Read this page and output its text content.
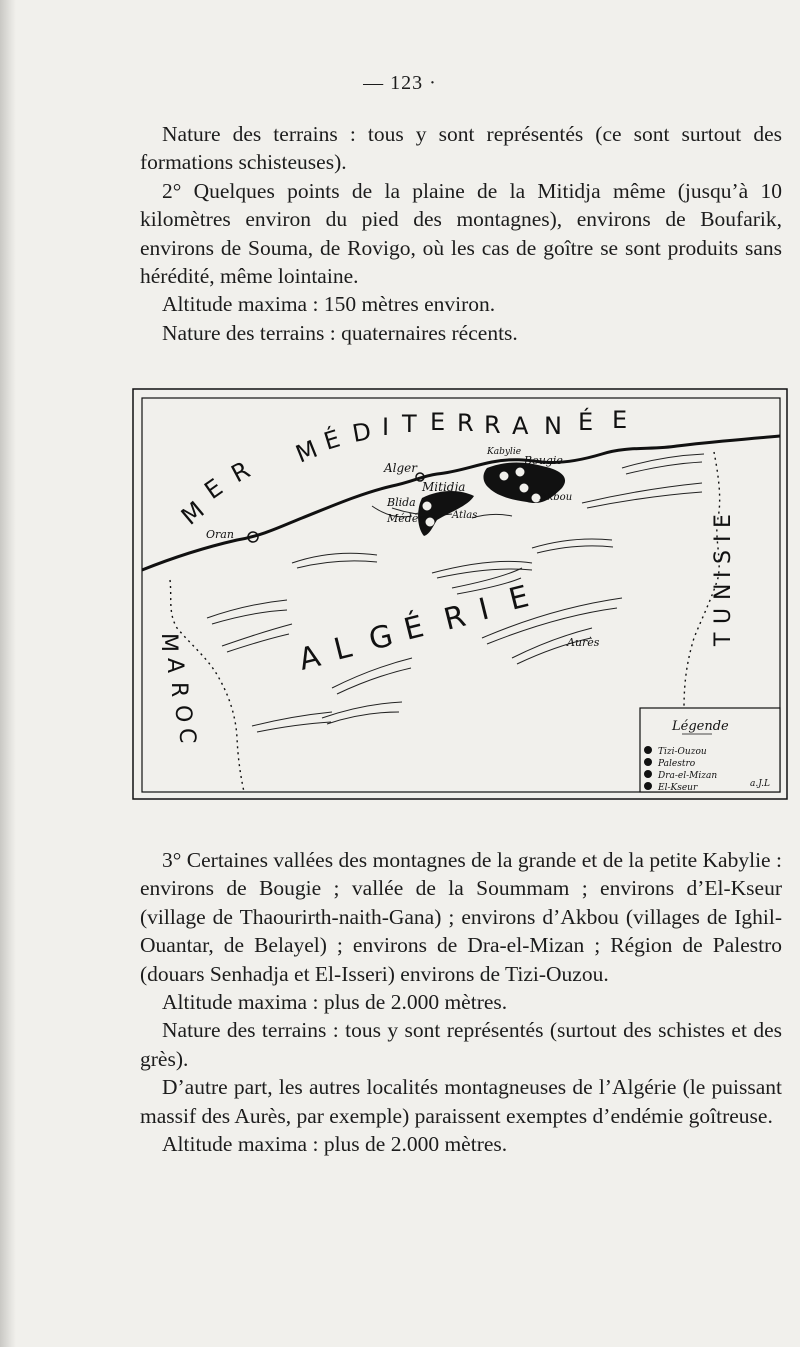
— 123 ·

Nature des terrains : tous y sont représentés (ce sont surtout des formations schisteuses).

2° Quelques points de la plaine de la Mitidja même (jusqu’à 10 kilomètres environ du pied des montagnes), environs de Boufarik, environs de Souma, de Rovigo, où les cas de goître se sont produits sans hérédité, même lointaine.

Altitude maxima : 150 mètres environ.

Nature des terrains : quaternaires récents.

M
E
R
M É D I T E R R A N É E
A L G É R I E
M
A
R
O
C
T
U
N
I
S
I
E
Kabylie
Bougie
Alger
Mitidja
Akbou
Blida
Médéa	Atlas
Oran
Aurès
Légende
Tizi-Ouzou
Palestro
Dra-el-Mizan
El-Kseur	a.J.L

3° Certaines vallées des montagnes de la grande et de la petite Kabylie : environs de Bougie ; vallée de la Soummam ; environs d’El-Kseur (village de Thaourirth-naith-Gana) ; environs d’Akbou (villages de Ighil-Ouantar, de Belayel) ; environs de Dra-el-Mizan ; Région de Palestro (douars Senhadja et El-Isseri) environs de Tizi-Ouzou.

Altitude maxima : plus de 2.000 mètres.

Nature des terrains : tous y sont représentés (surtout des schistes et des grès).

D’autre part, les autres localités montagneuses de l’Algérie (le puissant massif des Aurès, par exemple) paraissent exemptes d’endémie goîtreuse.

Altitude maxima : plus de 2.000 mètres.
